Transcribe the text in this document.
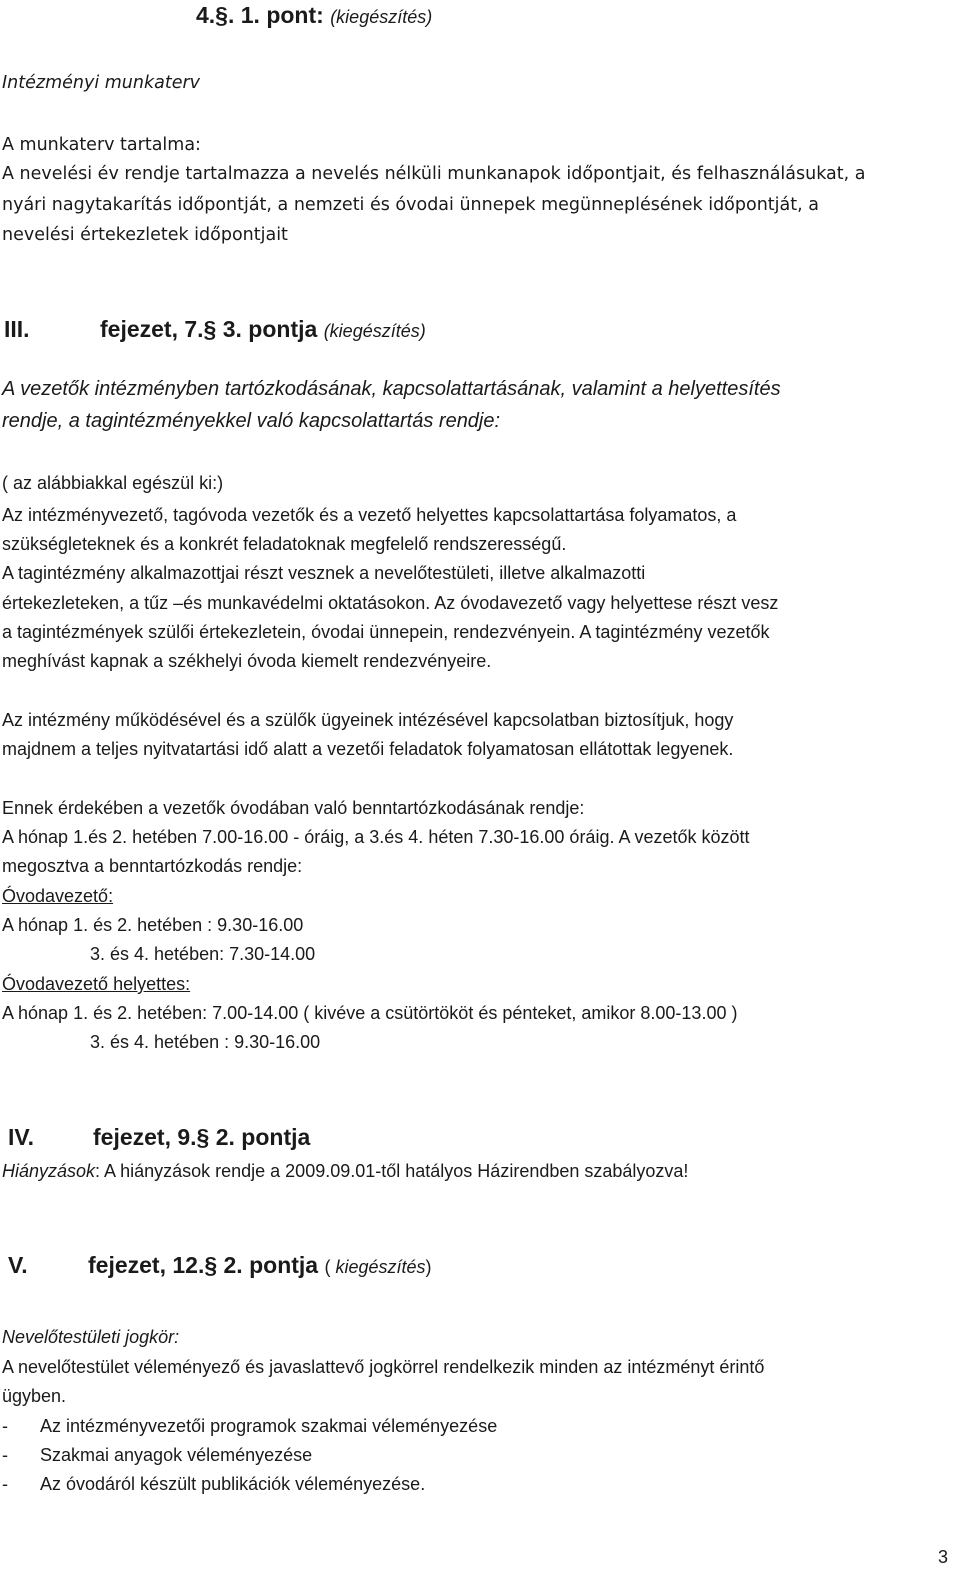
4.§. 1. pont: (kiegészítés)
Intézményi munkaterv
A munkaterv tartalma:
A nevelési év rendje tartalmazza a nevelés nélküli munkanapok időpontjait, és felhasználásukat, a
nyári nagytakarítás időpontját, a nemzeti és óvodai ünnepek megünneplésének időpontját, a
nevelési értekezletek időpontjait
III.	fejezet, 7.§ 3. pontja (kiegészítés)
A vezetők intézményben tartózkodásának, kapcsolattartásának, valamint a helyettesítés
rendje, a tagintézményekkel való kapcsolattartás rendje:
( az alábbiakkal egészül ki:)
Az intézményvezető, tagóvoda vezetők és a vezető helyettes kapcsolattartása folyamatos, a
szükségleteknek és a konkrét feladatoknak megfelelő rendszerességű.
A tagintézmény alkalmazottjai részt vesznek a nevelőtestületi, illetve alkalmazotti
értekezleteken, a tűz –és munkavédelmi oktatásokon. Az óvodavezető vagy helyettese részt vesz
a tagintézmények szülői értekezletein, óvodai ünnepein, rendezvényein. A tagintézmény vezetők
meghívást kapnak a székhelyi óvoda kiemelt rendezvényeire.
Az intézmény működésével és a szülők ügyeinek intézésével kapcsolatban biztosítjuk, hogy
majdnem a teljes nyitvatartási idő alatt a vezetői feladatok folyamatosan ellátottak legyenek.
Ennek érdekében a vezetők óvodában való benntartózkodásának rendje:
A hónap 1.és 2. hetében 7.00-16.00 - óráig, a 3.és 4. héten 7.30-16.00 óráig. A vezetők között
megosztva a benntartózkodás rendje:
Óvodavezető:
A hónap 1. és 2. hetében : 9.30-16.00
3. és 4. hetében: 7.30-14.00
Óvodavezető helyettes:
A hónap 1. és 2. hetében: 7.00-14.00 ( kivéve a csütörtököt és pénteket, amikor 8.00-13.00 )
3. és 4. hetében : 9.30-16.00
IV.	fejezet, 9.§ 2. pontja
Hiányzások: A hiányzások rendje a 2009.09.01-től hatályos Házirendben szabályozva!
V.	fejezet, 12.§ 2. pontja ( kiegészítés)
Nevelőtestületi jogkör:
A nevelőtestület véleményező és javaslattevő jogkörrel rendelkezik minden az intézményt érintő
ügyben.
- Az intézményvezetői programok szakmai véleményezése
- Szakmai anyagok véleményezése
- Az óvodáról készült publikációk véleményezése.
3
